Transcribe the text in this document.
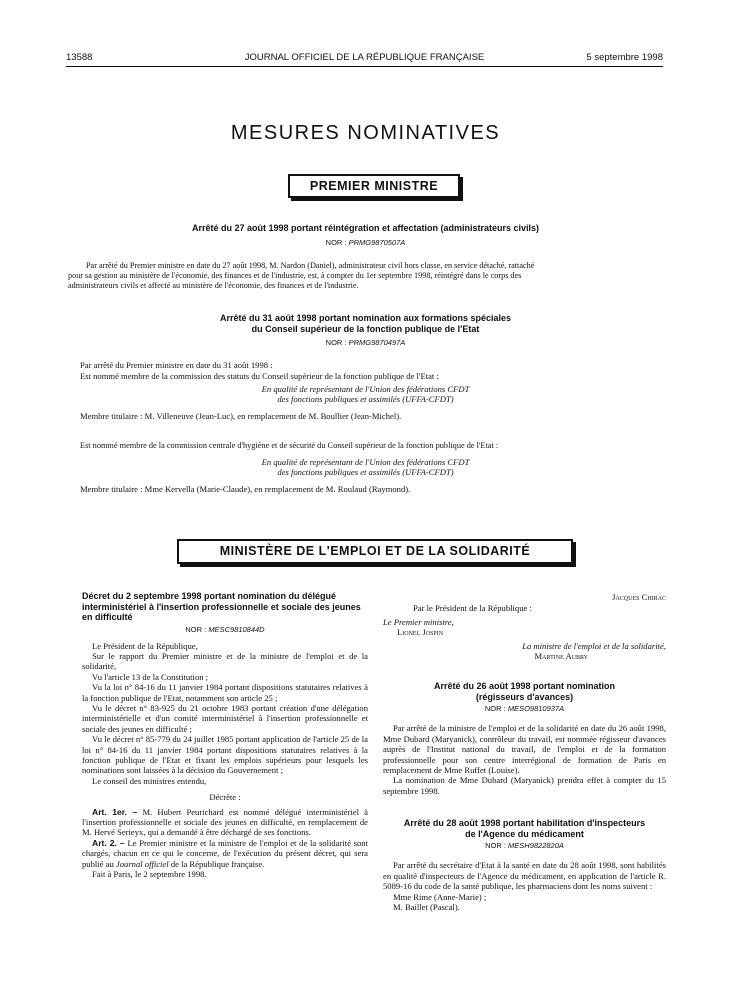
13588	JOURNAL OFFICIEL DE LA RÉPUBLIQUE FRANÇAISE	5 septembre 1998
MESURES NOMINATIVES
PREMIER MINISTRE
Arrêté du 27 août 1998 portant réintégration et affectation (administrateurs civils)
NOR : PRMG9870507A
Par arrêté du Premier ministre en date du 27 août 1998, M. Nardon (Daniel), administrateur civil hors classe, en service détaché, rattaché
pour sa gestion au ministère de l'économie, des finances et de l'industrie, est, à compter du 1er septembre 1998, réintégré dans le corps des
administrateurs civils et affecté au ministère de l'économie, des finances et de l'industrie.
Arrêté du 31 août 1998 portant nomination aux formations spéciales
du Conseil supérieur de la fonction publique de l'Etat
NOR : PRMG9870497A
Par arrêté du Premier ministre en date du 31 août 1998 :
Est nommé membre de la commission des statuts du Conseil supérieur de la fonction publique de l'Etat :
En qualité de représentant de l'Union des fédérations CFDT
des fonctions publiques et assimilés (UFFA-CFDT)
Membre titulaire : M. Villeneuve (Jean-Luc), en remplacement de M. Boullier (Jean-Michel).
Est nommé membre de la commission centrale d'hygiène et de sécurité du Conseil supérieur de la fonction publique de l'Etat :
En qualité de représentant de l'Union des fédérations CFDT
des fonctions publiques et assimilés (UFFA-CFDT)
Membre titulaire : Mme Kervella (Marie-Claude), en remplacement de M. Roulaud (Raymond).
MINISTÈRE DE L'EMPLOI ET DE LA SOLIDARITÉ
Décret du 2 septembre 1998 portant nomination du délégué interministériel à l'insertion professionnelle et sociale des jeunes en difficulté
NOR : MESC9810844D

Le Président de la République,

Sur le rapport du Premier ministre et de la ministre de l'emploi et de la solidarité,

Vu l'article 13 de la Constitution ;

Vu la loi n° 84-16 du 11 janvier 1984 portant dispositions statutaires relatives à la fonction publique de l'Etat, notamment son article 25 ;

Vu le décret n° 83-925 du 21 octobre 1983 portant création d'une délégation interministérielle et d'un comité interministériel à l'insertion professionnelle et sociale des jeunes en difficulté ;

Vu le décret n° 85-779 du 24 juillet 1985 portant application de l'article 25 de la loi n° 84-16 du 11 janvier 1984 portant dispositions statutaires relatives à la fonction publique de l'Etat et fixant les emplois supérieurs pour lesquels les nominations sont laissées à la décision du Gouvernement ;

Le conseil des ministres entendu,

Décrète :

Art. 1er. – M. Hubert Peurichard est nommé délégué interministériel à l'insertion professionnelle et sociale des jeunes en difficulté, en remplacement de M. Hervé Serieyx, qui a demandé à être déchargé de ses fonctions.

Art. 2. – Le Premier ministre et la ministre de l'emploi et de la solidarité sont chargés, chacun en ce qui le concerne, de l'exécution du présent décret, qui sera publié au Journal officiel de la République française.

Fait à Paris, le 2 septembre 1998.

Jacques Chirac
Par le Président de la République :
Le Premier ministre,
Lionel Jospin
La ministre de l'emploi et de la solidarité,
Martine Aubry
Arrêté du 26 août 1998 portant nomination
(régisseurs d'avances)
NOR : MESO9810937A

Par arrêté de la ministre de l'emploi et de la solidarité en date du 26 août 1998, Mme Dubard (Maryanick), contrôleur du travail, est nommée régisseur d'avances auprès de l'Institut national du travail, de l'emploi et de la formation professionnelle pour son centre interrégional de formation de Paris en remplacement de Mme Ruffet (Louise).

La nomination de Mme Dubard (Maryanick) prendra effet à compter du 15 septembre 1998.

Arrêté du 28 août 1998 portant habilitation d'inspecteurs
de l'Agence du médicament
NOR : MESH9822820A

Par arrêté du secrétaire d'Etat à la santé en date du 28 août 1998, sont habilités en qualité d'inspecteurs de l'Agence du médicament, en application de l'article R. 5089-16 du code de la santé publique, les pharmaciens dont les noms suivent :

Mme Rime (Anne-Marie) ;

M. Baillet (Pascal).
